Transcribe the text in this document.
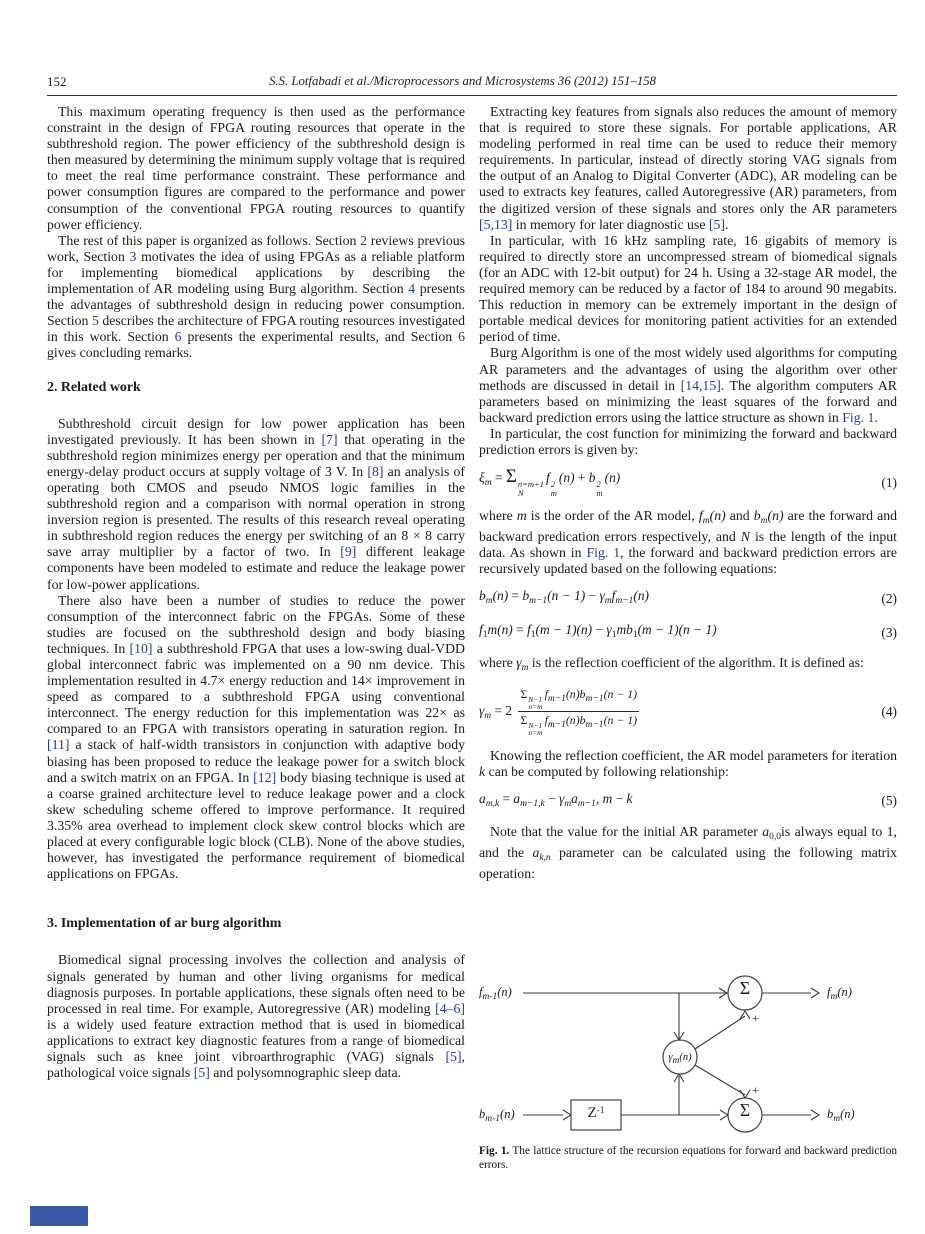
152	S.S. Lotfabadi et al./Microprocessors and Microsystems 36 (2012) 151–158

This maximum operating frequency is then used as the performance constraint in the design of FPGA routing resources that operate in the subthreshold region. The power efficiency of the subthreshold design is then measured by determining the minimum supply voltage that is required to meet the real time performance constraint. These performance and power consumption figures are compared to the performance and power consumption of the conventional FPGA routing resources to quantify power efficiency.

The rest of this paper is organized as follows. Section 2 reviews previous work, Section 3 motivates the idea of using FPGAs as a reliable platform for implementing biomedical applications by describing the implementation of AR modeling using Burg algorithm. Section 4 presents the advantages of subthreshold design in reducing power consumption. Section 5 describes the architecture of FPGA routing resources investigated in this work. Section 6 presents the experimental results, and Section 6 gives concluding remarks.

2. Related work

Subthreshold circuit design for low power application has been investigated previously. It has been shown in [7] that operating in the subthreshold region minimizes energy per operation and that the minimum energy-delay product occurs at supply voltage of 3 V. In [8] an analysis of operating both CMOS and pseudo NMOS logic families in the subthreshold region and a comparison with normal operation in strong inversion region is presented. The results of this research reveal operating in subthreshold region reduces the energy per switching of an 8 × 8 carry save array multiplier by a factor of two. In [9] different leakage components have been modeled to estimate and reduce the leakage power for low-power applications.

There also have been a number of studies to reduce the power consumption of the interconnect fabric on the FPGAs. Some of these studies are focused on the subthreshold design and body biasing techniques. In [10] a subthreshold FPGA that uses a low-swing dual-VDD global interconnect fabric was implemented on a 90 nm device. This implementation resulted in 4.7× energy reduction and 14× improvement in speed as compared to a subthreshold FPGA using conventional interconnect. The energy reduction for this implementation was 22× as compared to an FPGA with transistors operating in saturation region. In [11] a stack of half-width transistors in conjunction with adaptive body biasing has been proposed to reduce the leakage power for a switch block and a switch matrix on an FPGA. In [12] body biasing technique is used at a coarse grained architecture level to reduce leakage power and a clock skew scheduling scheme offered to improve performance. It required 3.35% area overhead to implement clock skew control blocks which are placed at every configurable logic block (CLB). None of the above studies, however, has investigated the performance requirement of biomedical applications on FPGAs.

3. Implementation of ar burg algorithm

Biomedical signal processing involves the collection and analysis of signals generated by human and other living organisms for medical diagnosis purposes. In portable applications, these signals often need to be processed in real time. For example, Autoregressive (AR) modeling [4–6] is a widely used feature extraction method that is used in biomedical applications to extract key diagnostic features from a range of biomedical signals such as knee joint vibroarthrographic (VAG) signals [5], pathological voice signals [5] and polysomnographic sleep data.

Extracting key features from signals also reduces the amount of memory that is required to store these signals. For portable applications, AR modeling performed in real time can be used to reduce their memory requirements. In particular, instead of directly storing VAG signals from the output of an Analog to Digital Converter (ADC), AR modeling can be used to extracts key features, called Autoregressive (AR) parameters, from the digitized version of these signals and stores only the AR parameters [5,13] in memory for later diagnostic use [5].

In particular, with 16 kHz sampling rate, 16 gigabits of memory is required to directly store an uncompressed stream of biomedical signals (for an ADC with 12-bit output) for 24 h. Using a 32-stage AR model, the required memory can be reduced by a factor of 184 to around 90 megabits. This reduction in memory can be extremely important in the design of portable medical devices for monitoring patient activities for an extended period of time.

Burg Algorithm is one of the most widely used algorithms for computing AR parameters and the advantages of using the algorithm over other methods are discussed in detail in [14,15]. The algorithm computers AR parameters based on minimizing the least squares of the forward and backward prediction errors using the lattice structure as shown in Fig. 1.

In particular, the cost function for minimizing the forward and backward prediction errors is given by:

$\xi_m = \Sigma$ n=m+1
N
f 2
m
(n) + b 2
m
(n)	(1)

where m is the order of the AR model, $f_m(n)$ and $b_m(n)$ are the forward and backward predication errors respectively, and N is the length of the input data. As shown in Fig. 1, the forward and backward prediction errors are recursively updated based on the following equations:

$b_m(n) = b_{m-1}(n - 1) - \gamma_mf_{m-1}(n)$	(2)
$f_1m(n) = f_1(m - 1)(n) - \gamma_1mb_1(m - 1)(n - 1)$	(3)

where $\gamma_m$ is the reflection coefficient of the algorithm. It is defined as:

$\gamma_m = 2$ Σ N−1
n=m
$f_{m-1}(n)b_{m-1}(n - 1)$
Σ N−1
n=m
$f_{m-1}(n)b_{m-1}(n - 1)$	(4)

Knowing the reflection coefficient, the AR model parameters for iteration k can be computed by following relationship:

$a_{m,k} = a_{m-1,k} - \gamma_ma_{m-1}$, m − k	(5)

Note that the value for the initial AR parameter $a_{0,0}is$ always equal to 1, and the $a_{k,n}$ parameter can be calculated using the following matrix operation:

$f_{m-1}(n)$	$f_m(n)$
$b_{m-1}(n)$	$b_m(n)$
γm(n)
$Z^{-1}$
Σ
Σ
+
+

Fig. 1. The lattice structure of the recursion equations for forward and backward prediction errors.
